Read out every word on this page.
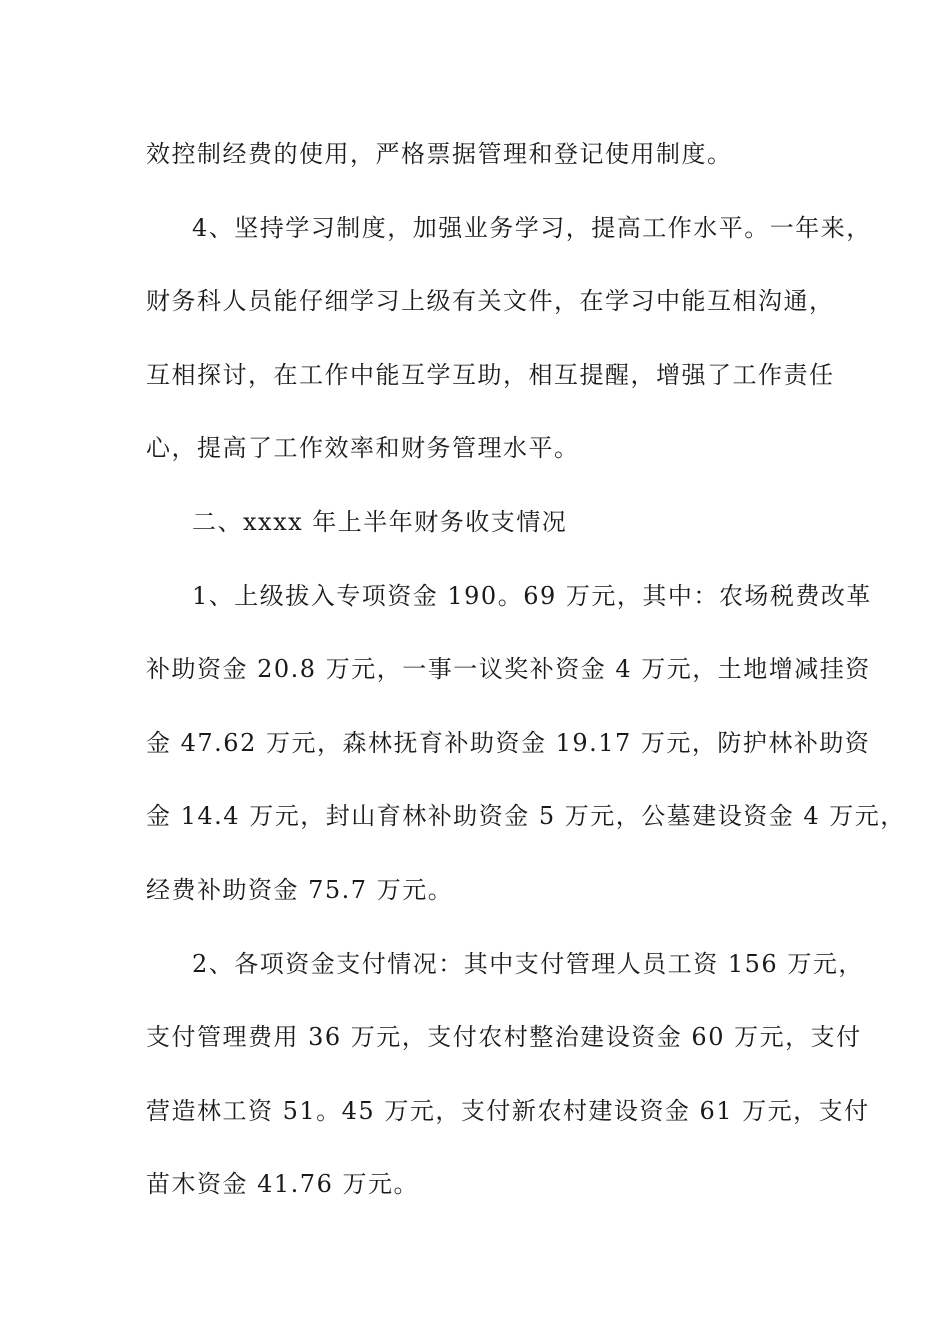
效控制经费的使用，严格票据管理和登记使用制度。
4、坚持学习制度，加强业务学习，提高工作水平。一年来，
财务科人员能仔细学习上级有关文件，在学习中能互相沟通，
互相探讨，在工作中能互学互助，相互提醒，增强了工作责任
心，提高了工作效率和财务管理水平。
二、xxxx 年上半年财务收支情况
1、上级拔入专项资金 190。69 万元，其中：农场税费改革
补助资金 20.8 万元，一事一议奖补资金 4 万元，土地增减挂资
金 47.62 万元，森林抚育补助资金 19.17 万元，防护林补助资
金 14.4 万元，封山育林补助资金 5 万元，公墓建设资金 4 万元，
经费补助资金 75.7 万元。
2、各项资金支付情况：其中支付管理人员工资 156 万元，
支付管理费用 36 万元，支付农村整治建设资金 60 万元，支付
营造林工资 51。45 万元，支付新农村建设资金 61 万元，支付
苗木资金 41.76 万元。
